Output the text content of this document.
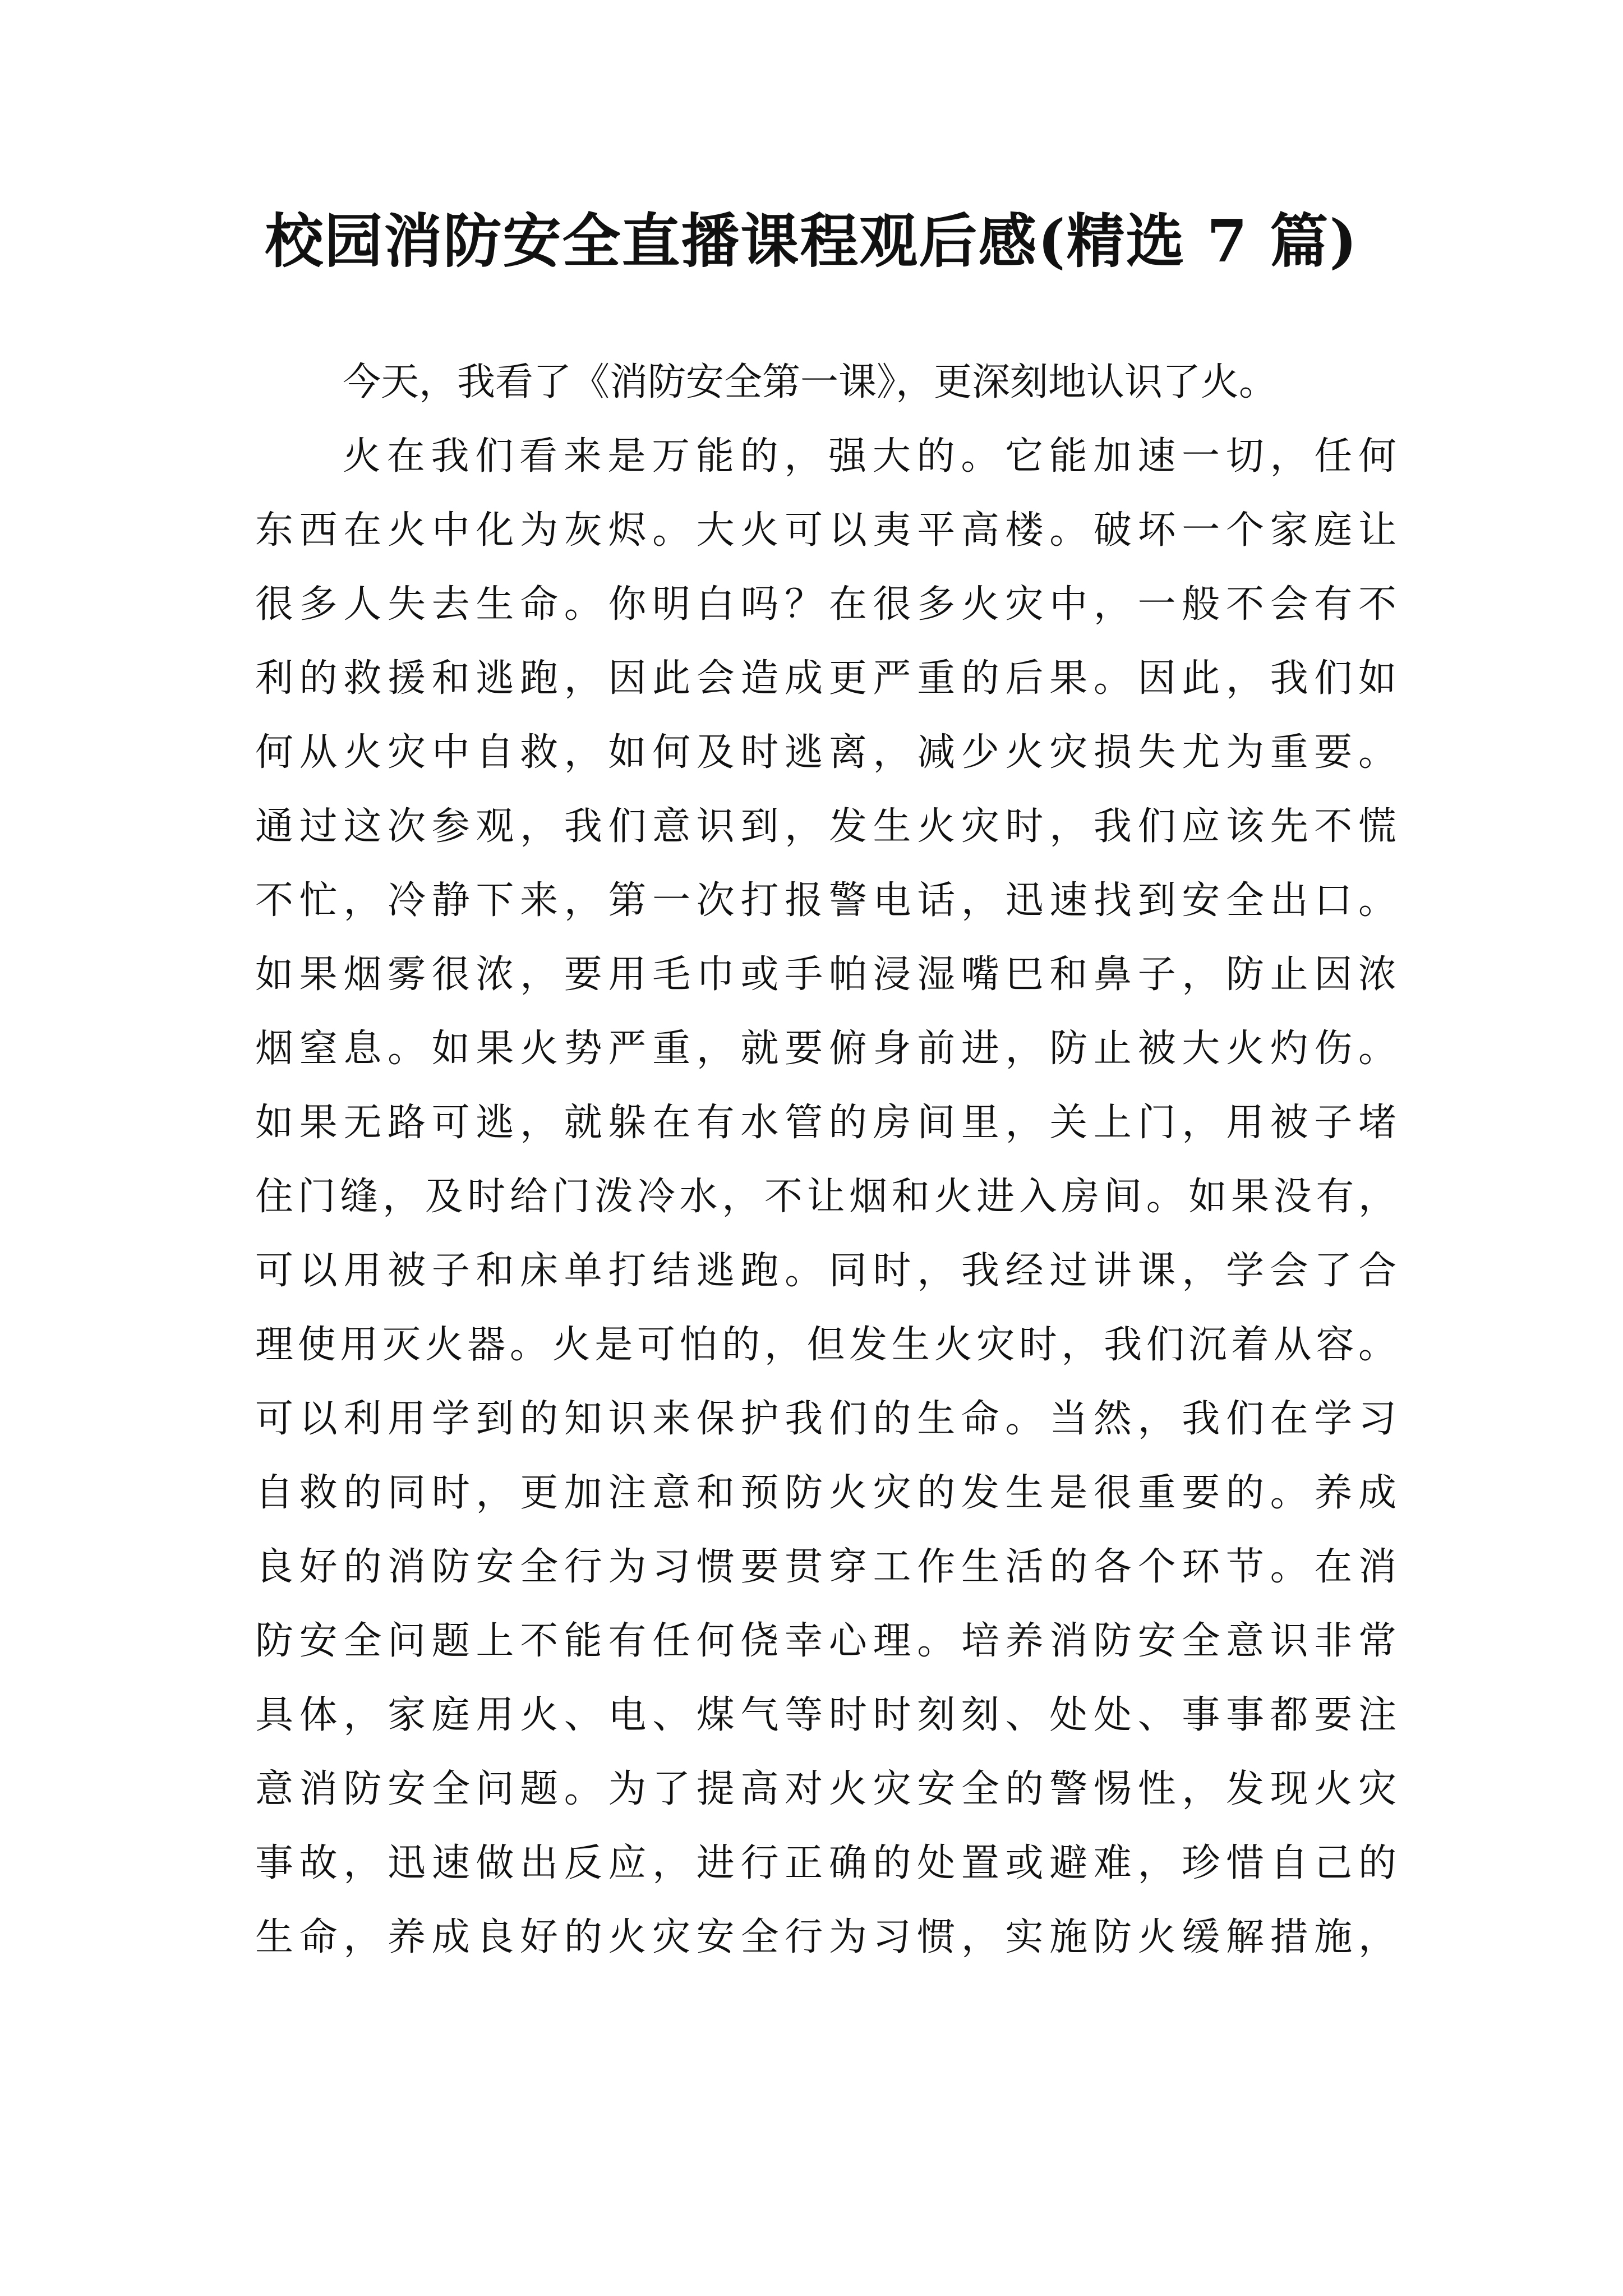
校园消防安全直播课程观后感(精选 7 篇)
今天，我看了《消防安全第一课》，更深刻地认识了火。
火在我们看来是万能的，强大的。它能加速一切，任何
东西在火中化为灰烬。大火可以夷平高楼。破坏一个家庭让
很多人失去生命。你明白吗？在很多火灾中，一般不会有不
利的救援和逃跑，因此会造成更严重的后果。因此，我们如
何从火灾中自救，如何及时逃离，减少火灾损失尤为重要。
通过这次参观，我们意识到，发生火灾时，我们应该先不慌
不忙，冷静下来，第一次打报警电话，迅速找到安全出口。
如果烟雾很浓，要用毛巾或手帕浸湿嘴巴和鼻子，防止因浓
烟窒息。如果火势严重，就要俯身前进，防止被大火灼伤。
如果无路可逃，就躲在有水管的房间里，关上门，用被子堵
住门缝，及时给门泼冷水，不让烟和火进入房间。如果没有，
可以用被子和床单打结逃跑。同时，我经过讲课，学会了合
理使用灭火器。火是可怕的，但发生火灾时，我们沉着从容。
可以利用学到的知识来保护我们的生命。当然，我们在学习
自救的同时，更加注意和预防火灾的发生是很重要的。养成
良好的消防安全行为习惯要贯穿工作生活的各个环节。在消
防安全问题上不能有任何侥幸心理。培养消防安全意识非常
具体，家庭用火、电、煤气等时时刻刻、处处、事事都要注
意消防安全问题。为了提高对火灾安全的警惕性，发现火灾
事故，迅速做出反应，进行正确的处置或避难，珍惜自己的
生命，养成良好的火灾安全行为习惯，实施防火缓解措施，
